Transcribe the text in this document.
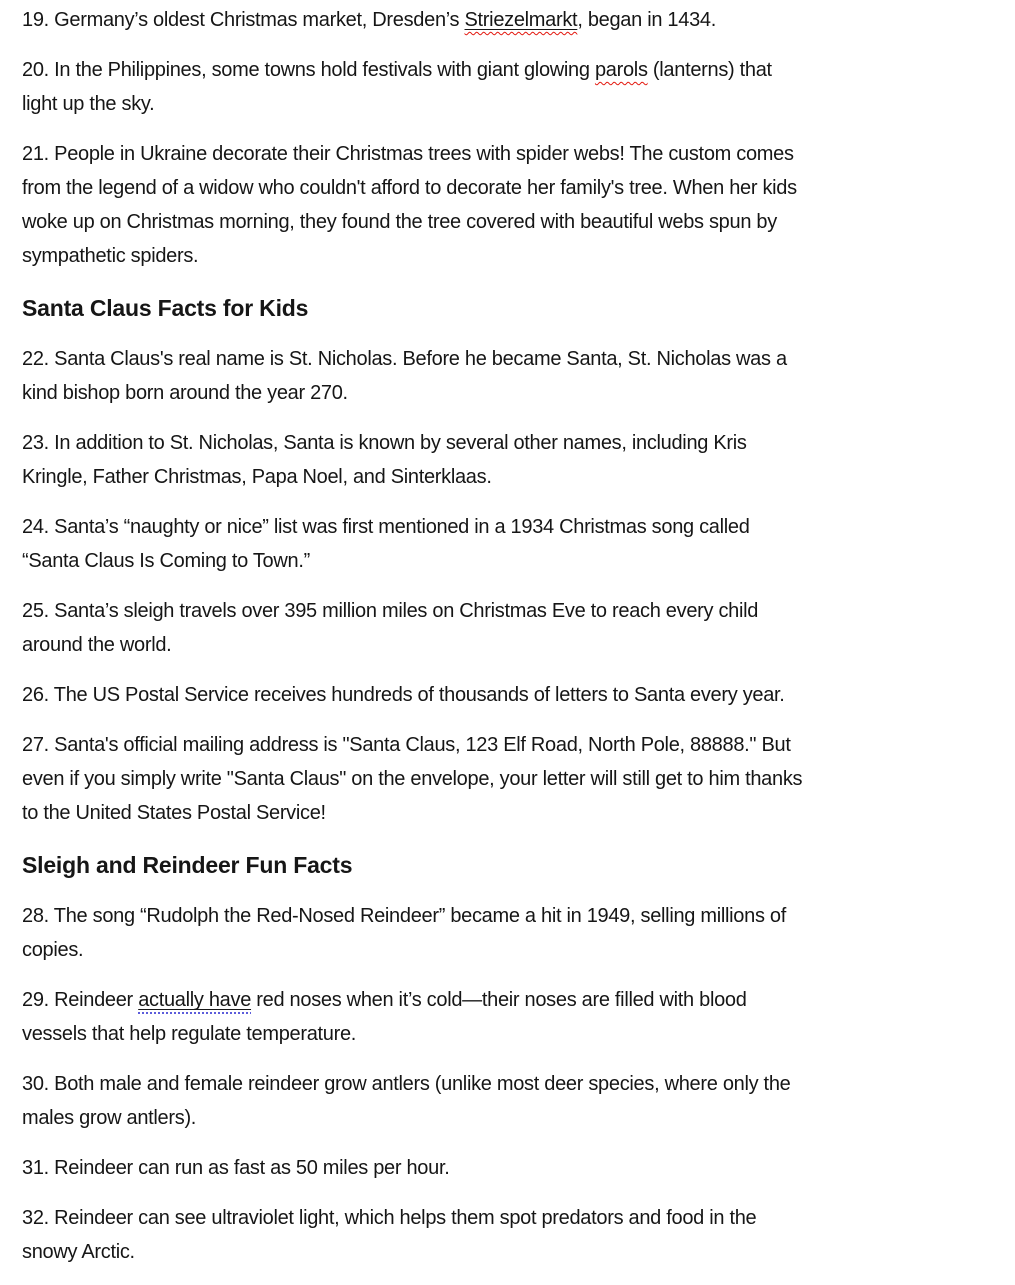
19. Germany’s oldest Christmas market, Dresden’s Striezelmarkt, began in 1434.
20. In the Philippines, some towns hold festivals with giant glowing parols (lanterns) that
light up the sky.
21. People in Ukraine decorate their Christmas trees with spider webs! The custom comes
from the legend of a widow who couldn't afford to decorate her family's tree. When her kids
woke up on Christmas morning, they found the tree covered with beautiful webs spun by
sympathetic spiders.
Santa Claus Facts for Kids
22. Santa Claus's real name is St. Nicholas. Before he became Santa, St. Nicholas was a
kind bishop born around the year 270.
23. In addition to St. Nicholas, Santa is known by several other names, including Kris
Kringle, Father Christmas, Papa Noel, and Sinterklaas.
24. Santa’s “naughty or nice” list was first mentioned in a 1934 Christmas song called
“Santa Claus Is Coming to Town.”
25. Santa’s sleigh travels over 395 million miles on Christmas Eve to reach every child
around the world.
26. The US Postal Service receives hundreds of thousands of letters to Santa every year.
27. Santa's official mailing address is "Santa Claus, 123 Elf Road, North Pole, 88888." But
even if you simply write "Santa Claus" on the envelope, your letter will still get to him thanks
to the United States Postal Service!
Sleigh and Reindeer Fun Facts
28. The song “Rudolph the Red-Nosed Reindeer” became a hit in 1949, selling millions of
copies.
29. Reindeer actually have red noses when it’s cold—their noses are filled with blood
vessels that help regulate temperature.
30. Both male and female reindeer grow antlers (unlike most deer species, where only the
males grow antlers).
31. Reindeer can run as fast as 50 miles per hour.
32. Reindeer can see ultraviolet light, which helps them spot predators and food in the
snowy Arctic.
